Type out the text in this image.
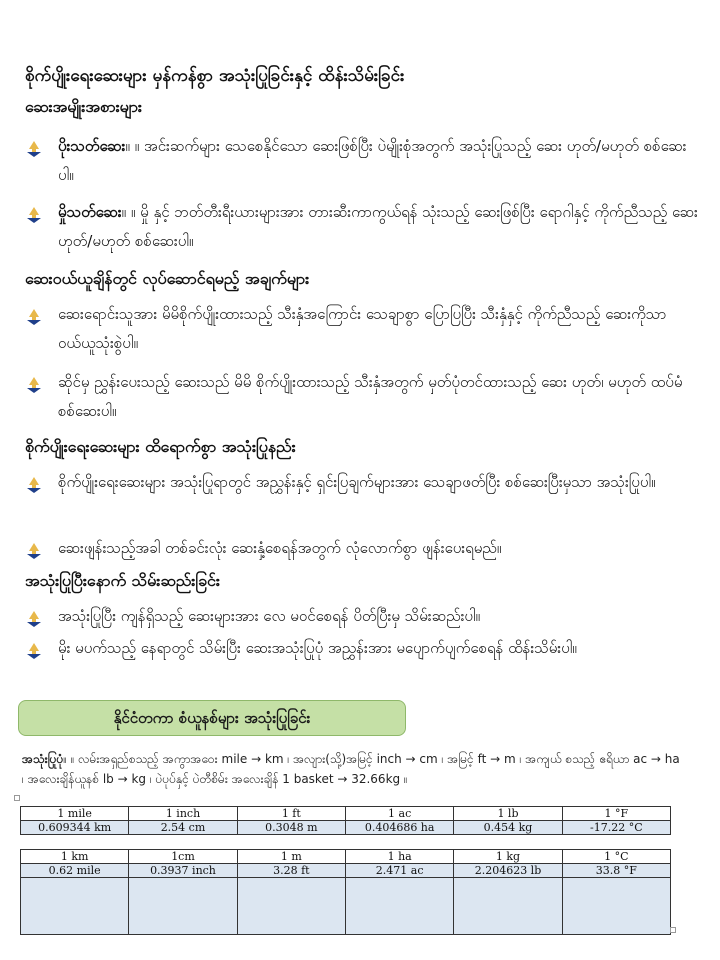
စိုက်ပျိုးရေးဆေးများ မှန်ကန်စွာ အသုံးပြုခြင်းနှင့် ထိန်းသိမ်းခြင်း
ဆေးအမျိုးအစားများ
ပိုးသတ်ဆေး။ ။ အင်းဆက်များ သေစေနိုင်သော ဆေးဖြစ်ပြီး ပဲမျိုးစုံအတွက် အသုံးပြုသည့် ဆေး ဟုတ်/မဟုတ် စစ်ဆေးပါ။
မှိုသတ်ဆေး။ ။ မှို နှင့် ဘတ်တီးရီးယားများအား တားဆီးကာကွယ်ရန် သုံးသည့် ဆေးဖြစ်ပြီး ရောဂါနှင့် ကိုက်ညီသည့် ဆေး ဟုတ်/မဟုတ် စစ်ဆေးပါ။
ဆေးဝယ်ယူချိန်တွင် လုပ်ဆောင်ရမည့် အချက်များ
ဆေးရောင်းသူအား မိမိစိုက်ပျိုးထားသည့် သီးနှံအကြောင်း သေချာစွာ ပြောပြပြီး သီးနှံနှင့် ကိုက်ညီသည့် ဆေးကိုသာ ဝယ်ယူသုံးစွဲပါ။
ဆိုင်မှ ညွှန်းပေးသည့် ဆေးသည် မိမိ စိုက်ပျိုးထားသည့် သီးနှံအတွက် မှတ်ပုံတင်ထားသည့် ဆေး ဟုတ်၊ မဟုတ် ထပ်မံ စစ်ဆေးပါ။
စိုက်ပျိုးရေးဆေးများ ထိရောက်စွာ အသုံးပြုနည်း
စိုက်ပျိုးရေးဆေးများ အသုံးပြုရာတွင် အညွှန်းနှင့် ရှင်းပြချက်များအား သေချာဖတ်ပြီး စစ်ဆေးပြီးမှသာ အသုံးပြုပါ။
ဆေးဖျန်းသည့်အခါ တစ်ခင်းလုံး ဆေးနှံ့စေရန်အတွက် လုံလောက်စွာ ဖျန်းပေးရမည်။
အသုံးပြုပြီးနောက် သိမ်းဆည်းခြင်း
အသုံးပြုပြီး ကျန်ရှိသည့် ဆေးများအား လေ မဝင်စေရန် ပိတ်ပြီးမှ သိမ်းဆည်းပါ။
မိုး မပက်သည့် နေရာတွင် သိမ်းပြီး ဆေးအသုံးပြုပုံ အညွှန်းအား မပျောက်ပျက်စေရန် ထိန်းသိမ်းပါ။
နိုင်ငံတကာ စံယူနစ်များ အသုံးပြုခြင်း
အသုံးပြုပုံ။ ။ လမ်းအရှည်စသည့် အကွာအဝေး mile → km ၊ အလျား(သို့)အမြင့် inch → cm ၊ အမြင့် ft → m ၊ အကျယ် စသည့် ဧရိယာ ac → ha ၊ အလေးချိန်ယူနစ် lb → kg ၊ ပဲပုပ်နှင့် ပဲတီစိမ်း အလေးချိန် 1 basket → 32.66kg ။
1 mile	1 inch	1 ft	1 ac	1 lb	1 °F
0.609344 km	2.54 cm	0.3048 m	0.404686 ha	0.454 kg	-17.22 °C
1 km	1cm	1 m	1 ha	1 kg	1 °C
0.62 mile	0.3937 inch	3.28 ft	2.471 ac	2.204623 lb	33.8 °F
